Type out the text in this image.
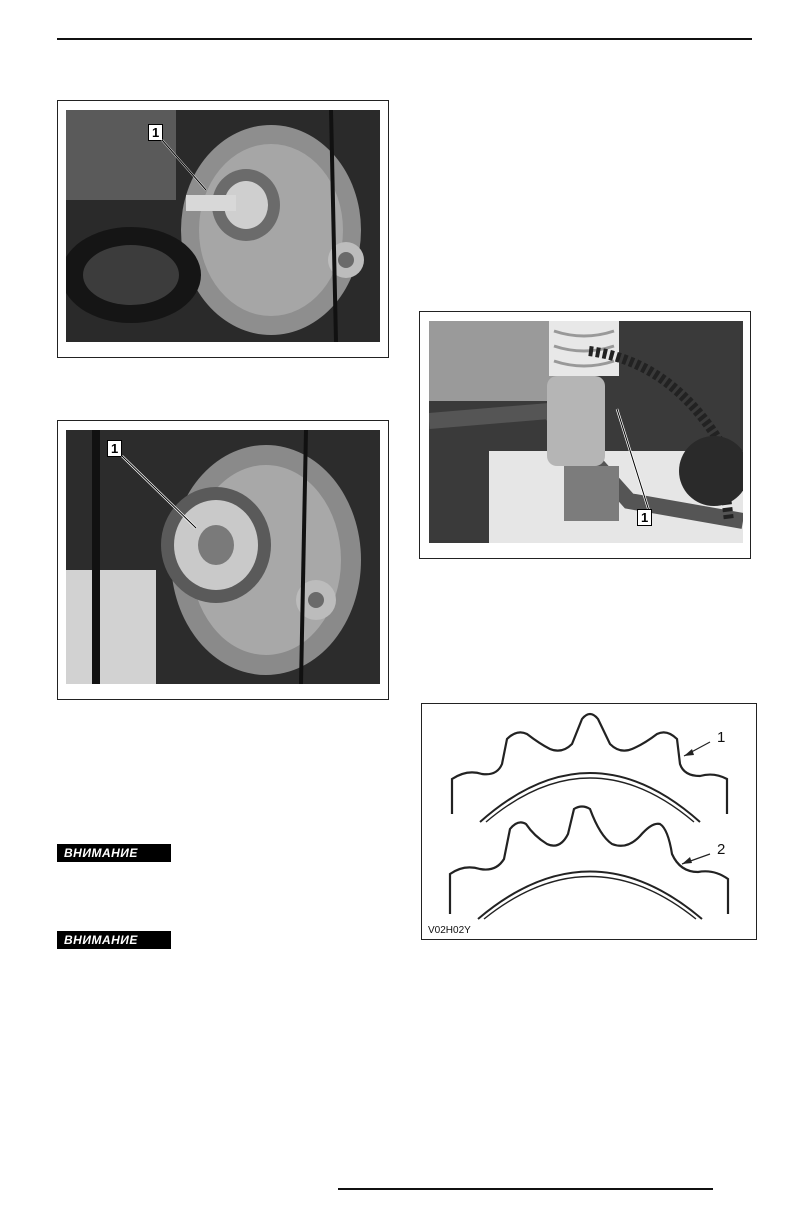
1
1
ВНИМАНИЕ
ВНИМАНИЕ
1
1
2
V02H02Y
